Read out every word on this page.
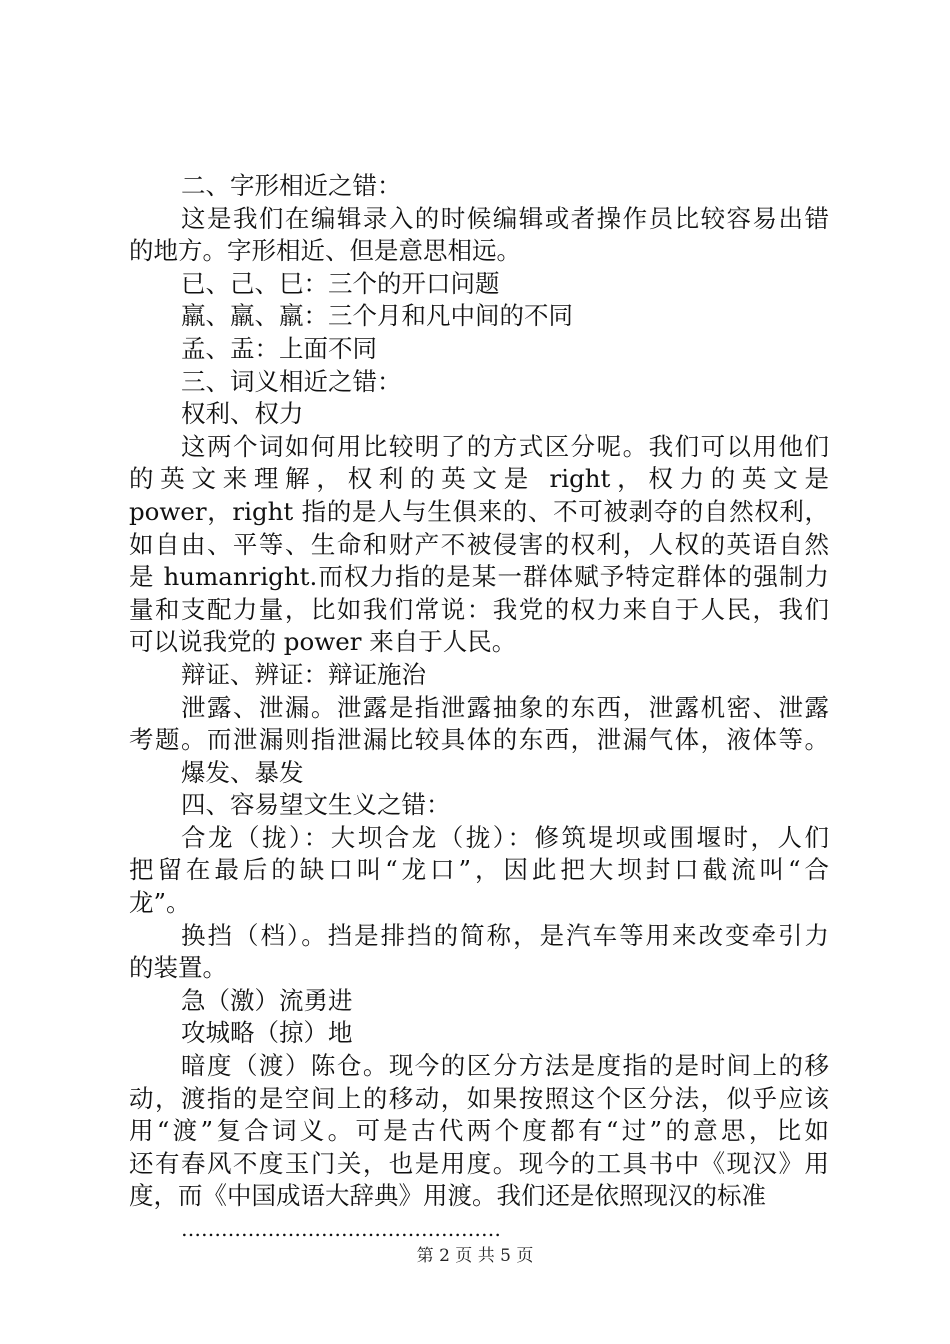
二、字形相近之错：
这是我们在编辑录入的时候编辑或者操作员比较容易出错
的地方。字形相近、但是意思相远。
已、己、巳：三个的开口问题
羸、羸、羸：三个月和凡中间的不同
孟、盂：上面不同
三、词义相近之错：
权利、权力
这两个词如何用比较明了的方式区分呢。我们可以用他们
的英文来理解，权利的英文是 right，权力的英文是
power，right 指的是人与生俱来的、不可被剥夺的自然权利，
如自由、平等、生命和财产不被侵害的权利，人权的英语自然
是 humanright.而权力指的是某一群体赋予特定群体的强制力
量和支配力量，比如我们常说：我党的权力来自于人民，我们
可以说我党的 power 来自于人民。
辩证、辨证：辩证施治
泄露、泄漏。泄露是指泄露抽象的东西，泄露机密、泄露
考题。而泄漏则指泄漏比较具体的东西，泄漏气体，液体等。
爆发、暴发
四、容易望文生义之错：
合龙（拢）：大坝合龙（拢）：修筑堤坝或围堰时，人们
把留在最后的缺口叫“龙口”，因此把大坝封口截流叫“合
龙”。
换挡（档）。挡是排挡的简称，是汽车等用来改变牵引力
的装置。
急（激）流勇进
攻城略（掠）地
暗度（渡）陈仓。现今的区分方法是度指的是时间上的移
动，渡指的是空间上的移动，如果按照这个区分法，似乎应该
用“渡”复合词义。可是古代两个度都有“过”的意思，比如
还有春风不度玉门关，也是用度。现今的工具书中《现汉》用
度，而《中国成语大辞典》用渡。我们还是依照现汉的标准
…………………………………………
第 2 页 共 5 页
